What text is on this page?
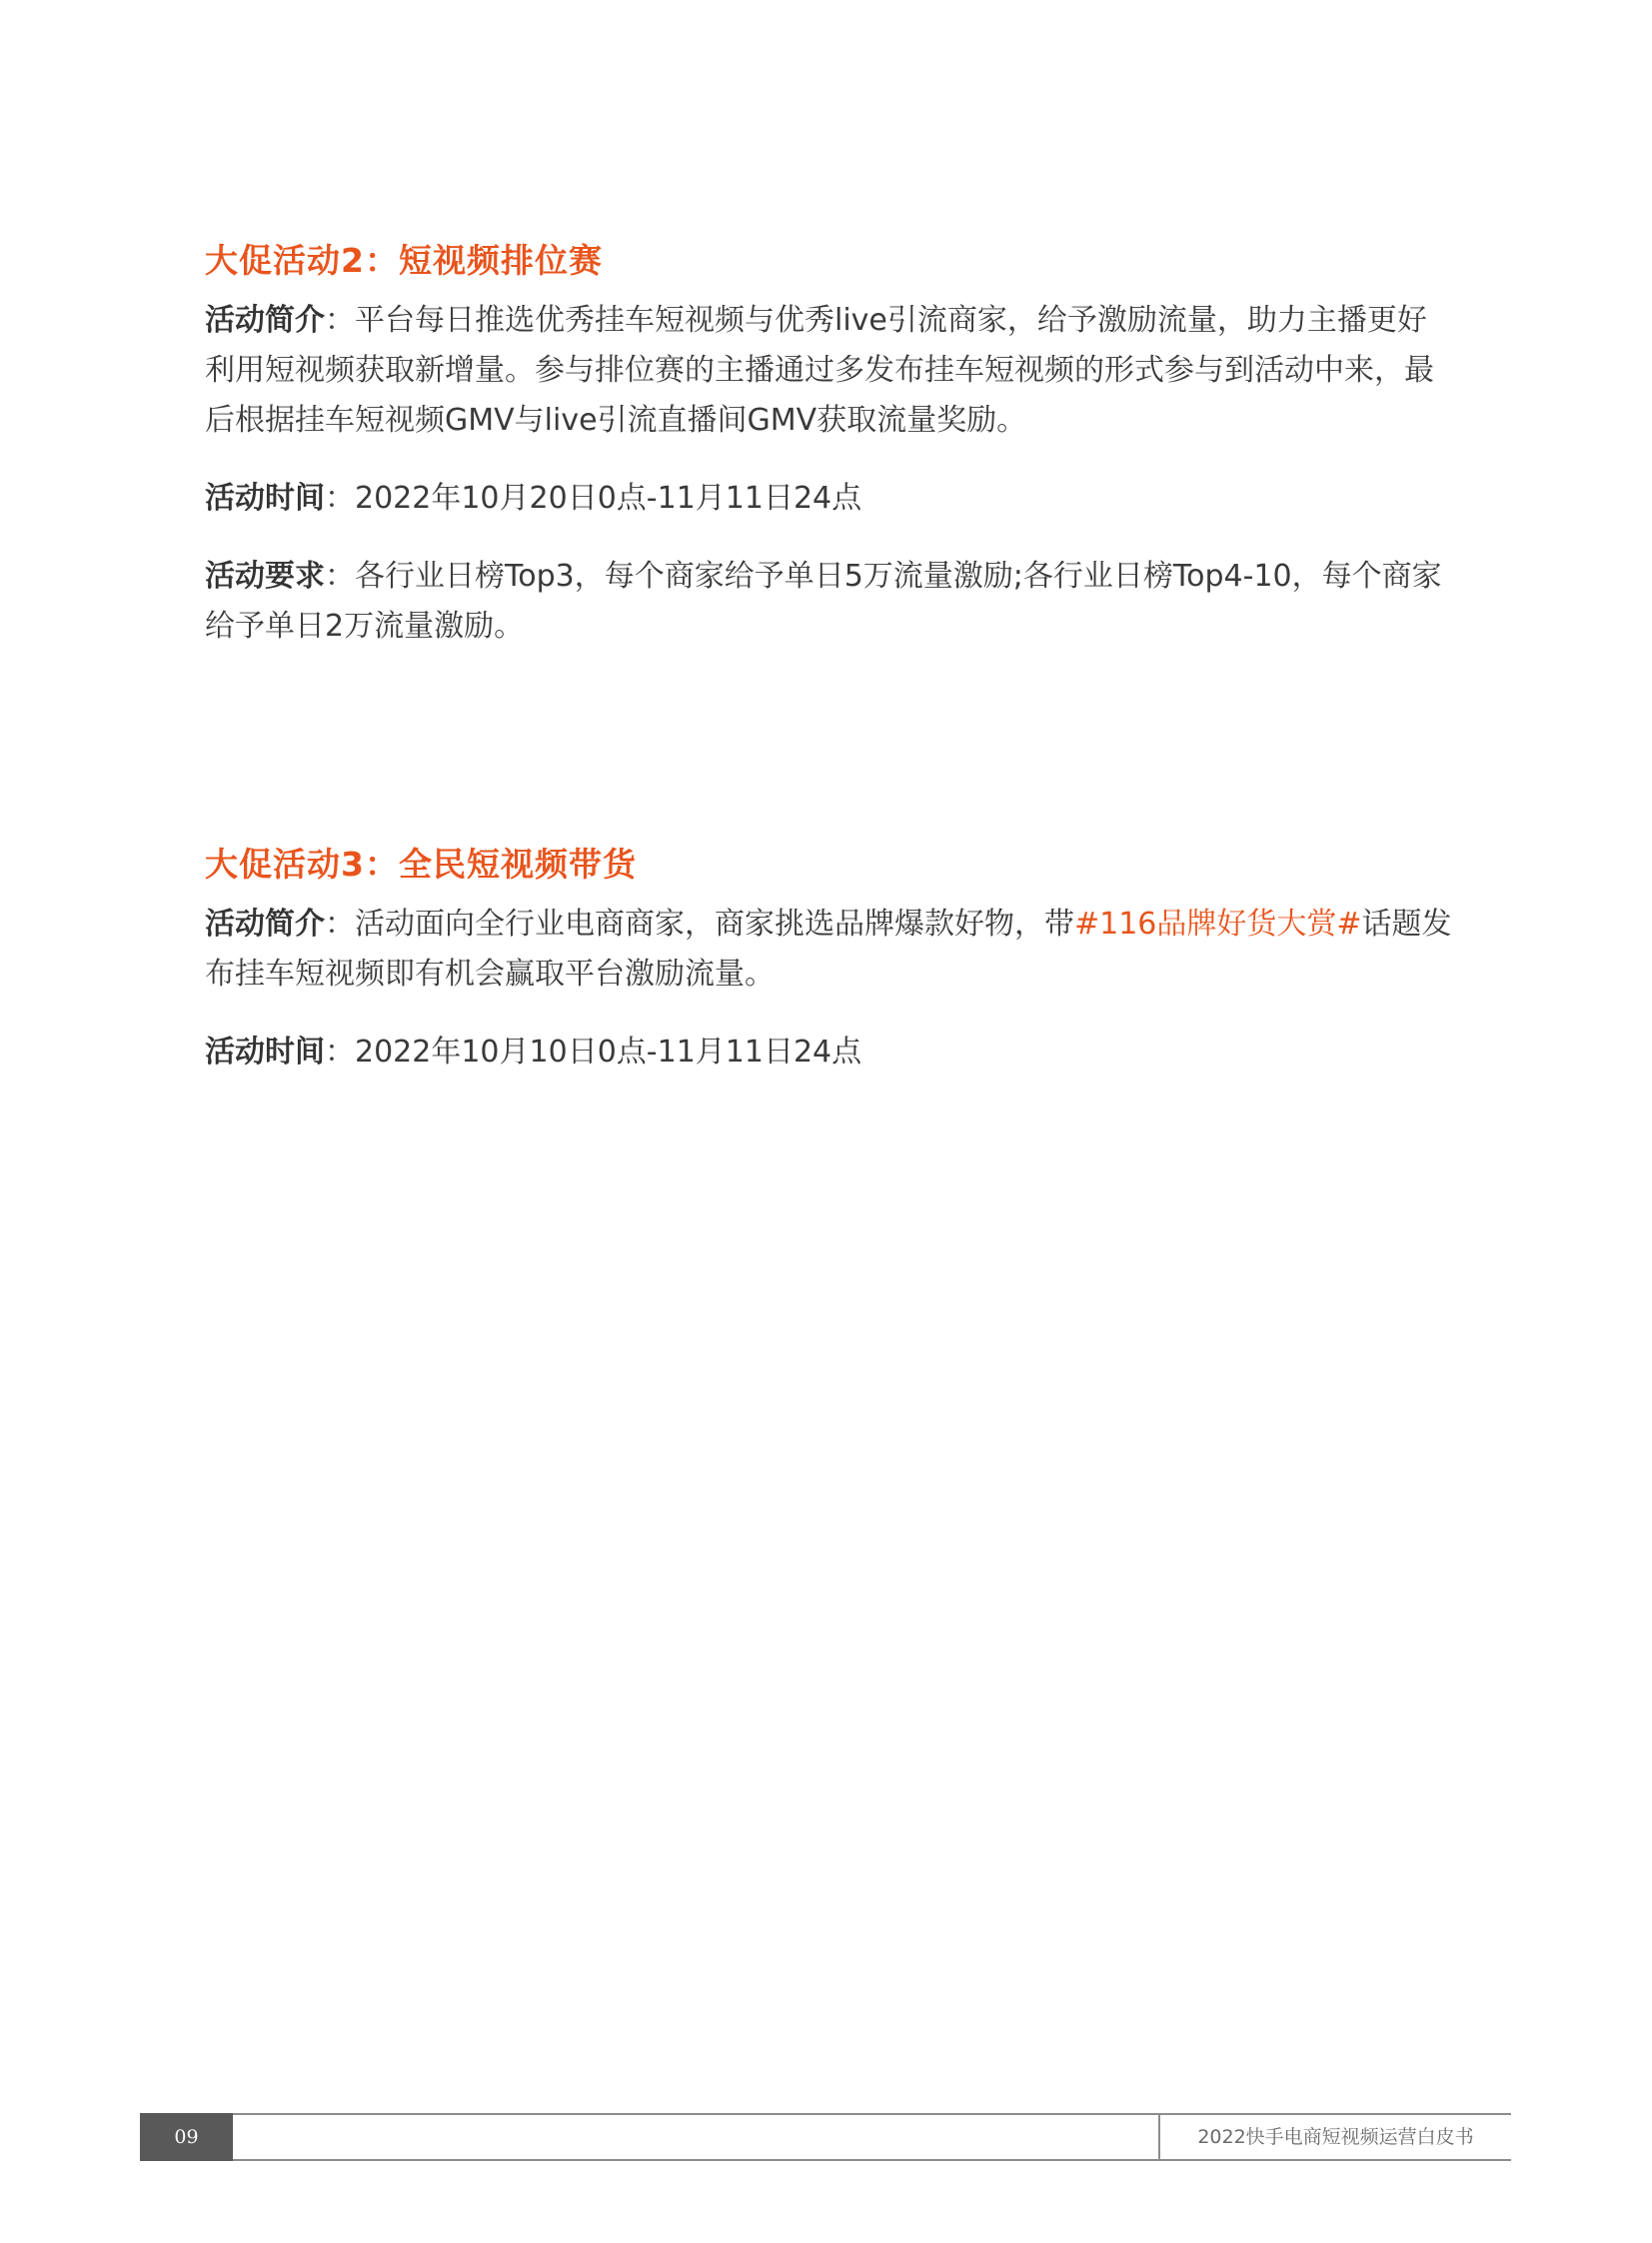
大促活动2：短视频排位赛

活动简介：平台每日推选优秀挂车短视频与优秀live引流商家，给予激励流量，助力主播更好利用短视频获取新增量。参与排位赛的主播通过多发布挂车短视频的形式参与到活动中来，最后根据挂车短视频GMV与live引流直播间GMV获取流量奖励。

活动时间：2022年10月20日0点-11月11日24点

活动要求：各行业日榜Top3，每个商家给予单日5万流量激励;各行业日榜Top4-10，每个商家给予单日2万流量激励。

大促活动3：全民短视频带货

活动简介：活动面向全行业电商商家，商家挑选品牌爆款好物，带#116品牌好货大赏#话题发布挂车短视频即有机会赢取平台激励流量。

活动时间：2022年10月10日0点-11月11日24点

09	2022快手电商短视频运营白皮书
